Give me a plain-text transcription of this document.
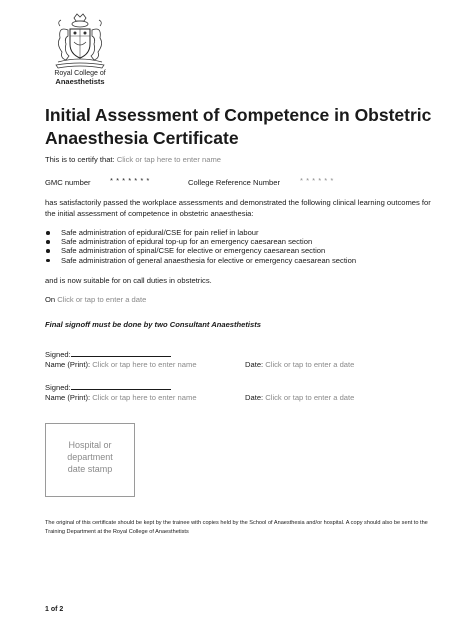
Royal College of
Anaesthetists
Initial Assessment of Competence in Obstetric Anaesthesia Certificate
This is to certify that: Click or tap here to enter name
GMC number	* * * * * * *	College Reference Number	* * * * * *
has satisfactorily passed the workplace assessments and demonstrated the following clinical learning outcomes for the initial assessment of competence in obstetric anaesthesia:
Safe administration of epidural/CSE for pain relief in labour
Safe administration of epidural top-up for an emergency caesarean section
Safe administration of spinal/CSE for elective or emergency caesarean section
Safe administration of general anaesthesia for elective or emergency caesarean section
and is now suitable for on call duties in obstetrics.
On Click or tap to enter a date
Final signoff must be done by two Consultant Anaesthetists
Signed:
Name (Print): Click or tap here to enter name	Date: Click or tap to enter a date
Signed:
Name (Print): Click or tap here to enter name	Date: Click or tap to enter a date
Hospital or
department
date stamp
The original of this certificate should be kept by the trainee with copies held by the School of Anaesthesia and/or hospital. A copy should also be sent to the Training Department at the Royal College of Anaesthetists
1 of 2
